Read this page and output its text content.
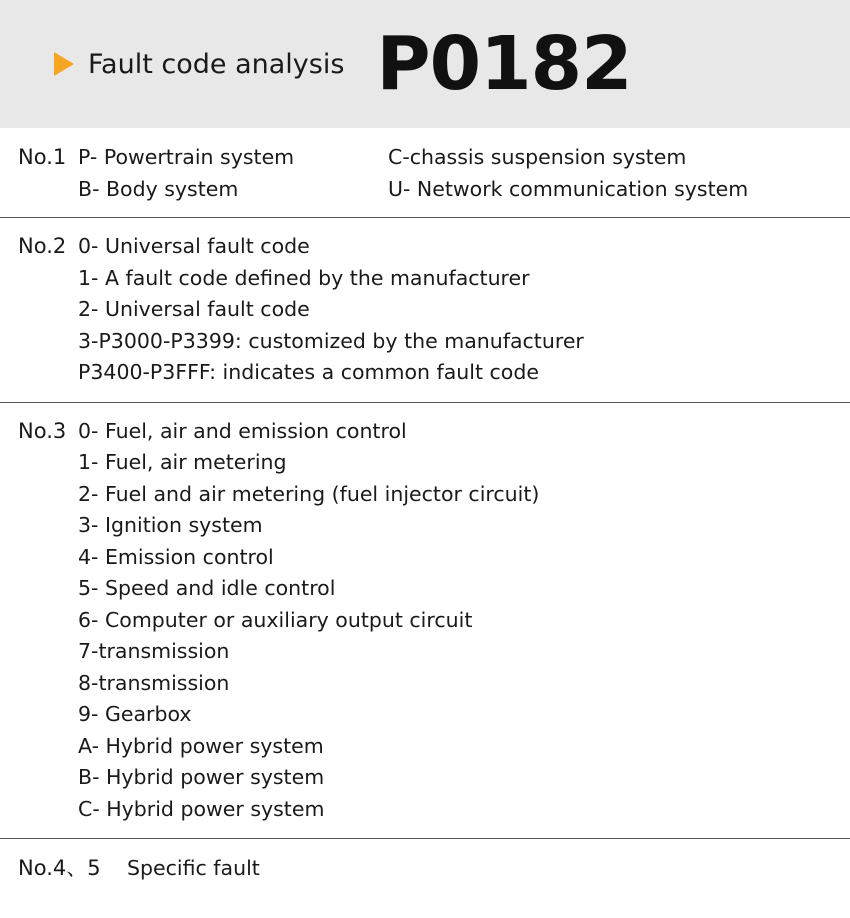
Fault code analysis P0182
No.1 P- Powertrain system	C-chassis suspension system
B- Body system	U- Network communication system
No.2 0- Universal fault code
1- A fault code defined by the manufacturer
2- Universal fault code
3-P3000-P3399: customized by the manufacturer
P3400-P3FFF: indicates a common fault code
No.3 0- Fuel, air and emission control
1- Fuel, air metering
2- Fuel and air metering (fuel injector circuit)
3- Ignition system
4- Emission control
5- Speed and idle control
6- Computer or auxiliary output circuit
7-transmission
8-transmission
9- Gearbox
A- Hybrid power system
B- Hybrid power system
C- Hybrid power system
No.4、5	Specific fault
